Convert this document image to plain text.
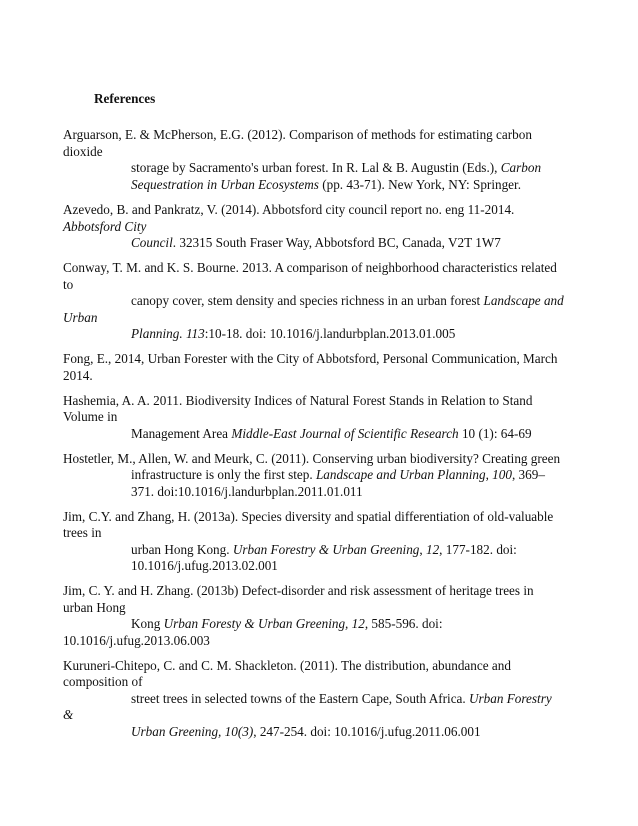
References
Arguarson, E. & McPherson, E.G. (2012). Comparison of methods for estimating carbon
dioxide
storage by Sacramento's urban forest. In R. Lal & B. Augustin (Eds.), Carbon
Sequestration in Urban Ecosystems (pp. 43-71). New York, NY: Springer.
Azevedo, B. and Pankratz, V. (2014). Abbotsford city council report no. eng 11-2014.
Abbotsford City
Council. 32315 South Fraser Way, Abbotsford BC, Canada, V2T 1W7
Conway, T. M. and K. S. Bourne. 2013. A comparison of neighborhood characteristics related
to
canopy cover, stem density and species richness in an urban forest Landscape and
Urban
Planning. 113:10-18. doi: 10.1016/j.landurbplan.2013.01.005
Fong, E., 2014, Urban Forester with the City of Abbotsford, Personal Communication, March
2014.
Hashemia, A. A. 2011. Biodiversity Indices of Natural Forest Stands in Relation to Stand
Volume in
Management Area Middle-East Journal of Scientific Research 10 (1): 64-69
Hostetler, M., Allen, W. and Meurk, C. (2011). Conserving urban biodiversity? Creating green
infrastructure is only the first step. Landscape and Urban Planning, 100, 369–
371. doi:10.1016/j.landurbplan.2011.01.011
Jim, C.Y. and Zhang, H. (2013a). Species diversity and spatial differentiation of old-valuable
trees in
urban Hong Kong. Urban Forestry & Urban Greening, 12, 177-182. doi:
10.1016/j.ufug.2013.02.001
Jim, C. Y. and H. Zhang. (2013b) Defect-disorder and risk assessment of heritage trees in
urban Hong
Kong Urban Foresty & Urban Greening, 12, 585-596. doi:
10.1016/j.ufug.2013.06.003
Kuruneri-Chitepo, C. and C. M. Shackleton. (2011). The distribution, abundance and
composition of
street trees in selected towns of the Eastern Cape, South Africa. Urban Forestry
&
Urban Greening, 10(3), 247-254. doi: 10.1016/j.ufug.2011.06.001
